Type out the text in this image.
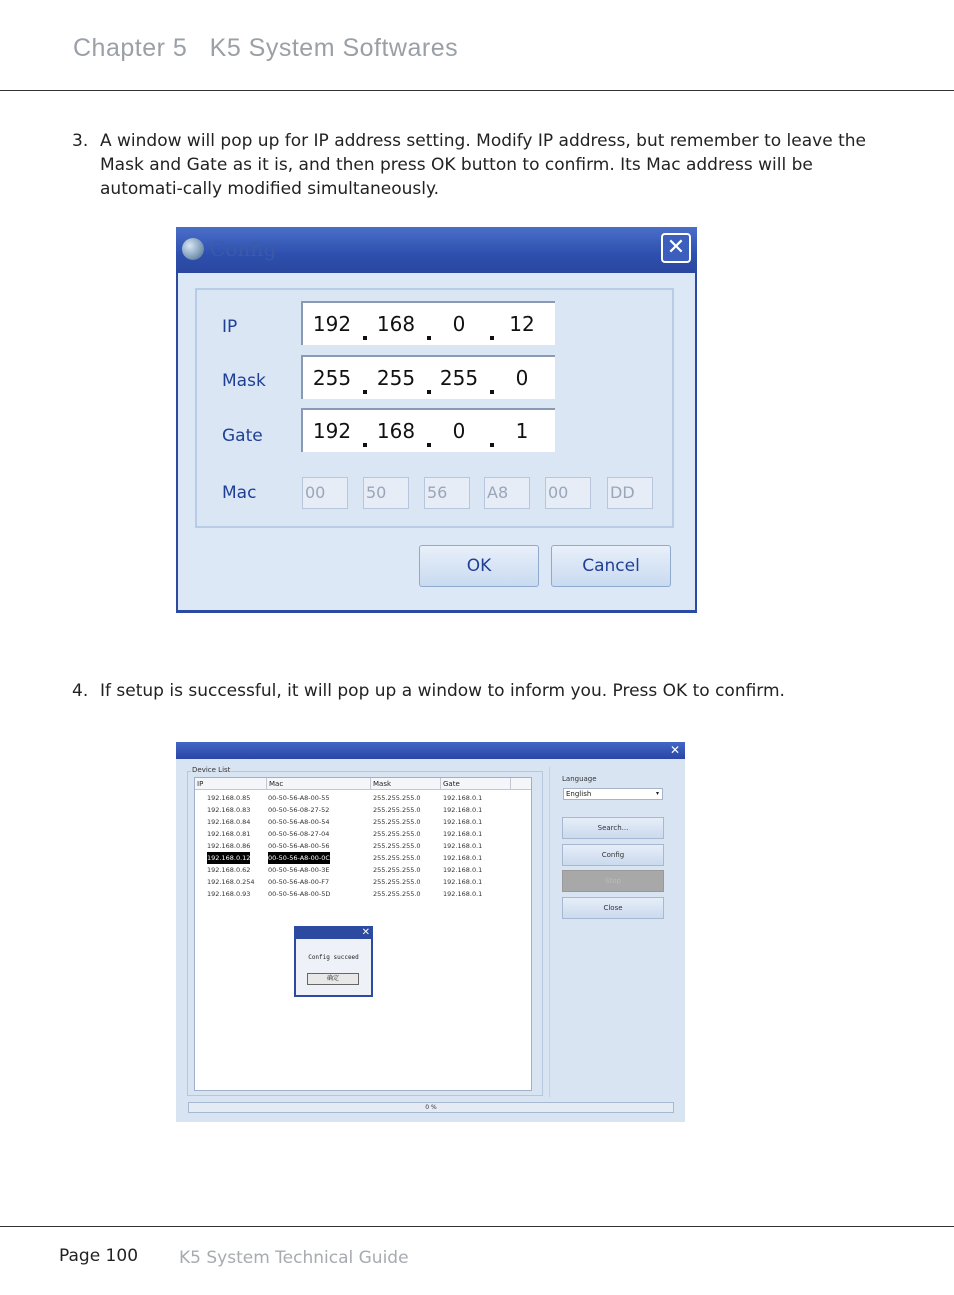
Chapter 5 K5 System Softwares
3. A window will pop up for IP address setting. Modify IP address, but remember to leave the Mask and Gate as it is, and then press OK button to confirm. Its Mac address will be automati-cally modified simultaneously.
Config	✕
IP	192 168	0	12
Mask 255 255 255	0
Gate	192 168	0	1
Mac	00	50	56	A8	00	DD
OK	Cancel
4. If setup is successful, it will pop up a window to inform you. Press OK to confirm.
✕
Device List
IP	Mac	Mask	Gate
192.168.0.85	00-50-56-A8-00-55	255.255.255.0	192.168.0.1
192.168.0.83	00-50-56-08-27-52	255.255.255.0	192.168.0.1
192.168.0.84	00-50-56-A8-00-54	255.255.255.0	192.168.0.1
192.168.0.81	00-50-56-08-27-04	255.255.255.0	192.168.0.1
192.168.0.86	00-50-56-A8-00-56	255.255.255.0	192.168.0.1
192.168.0.12	00-50-56-A8-00-0C	255.255.255.0	192.168.0.1
192.168.0.62	00-50-56-A8-00-3E	255.255.255.0	192.168.0.1
192.168.0.254 00-50-56-A8-00-F7	255.255.255.0	192.168.0.1
192.168.0.93	00-50-56-A8-00-5D	255.255.255.0	192.168.0.1
Language
English	▾
Search...
Config
Stop
Close
0 %
✕
Config succeed
确定
Page 100 K5 System Technical Guide
